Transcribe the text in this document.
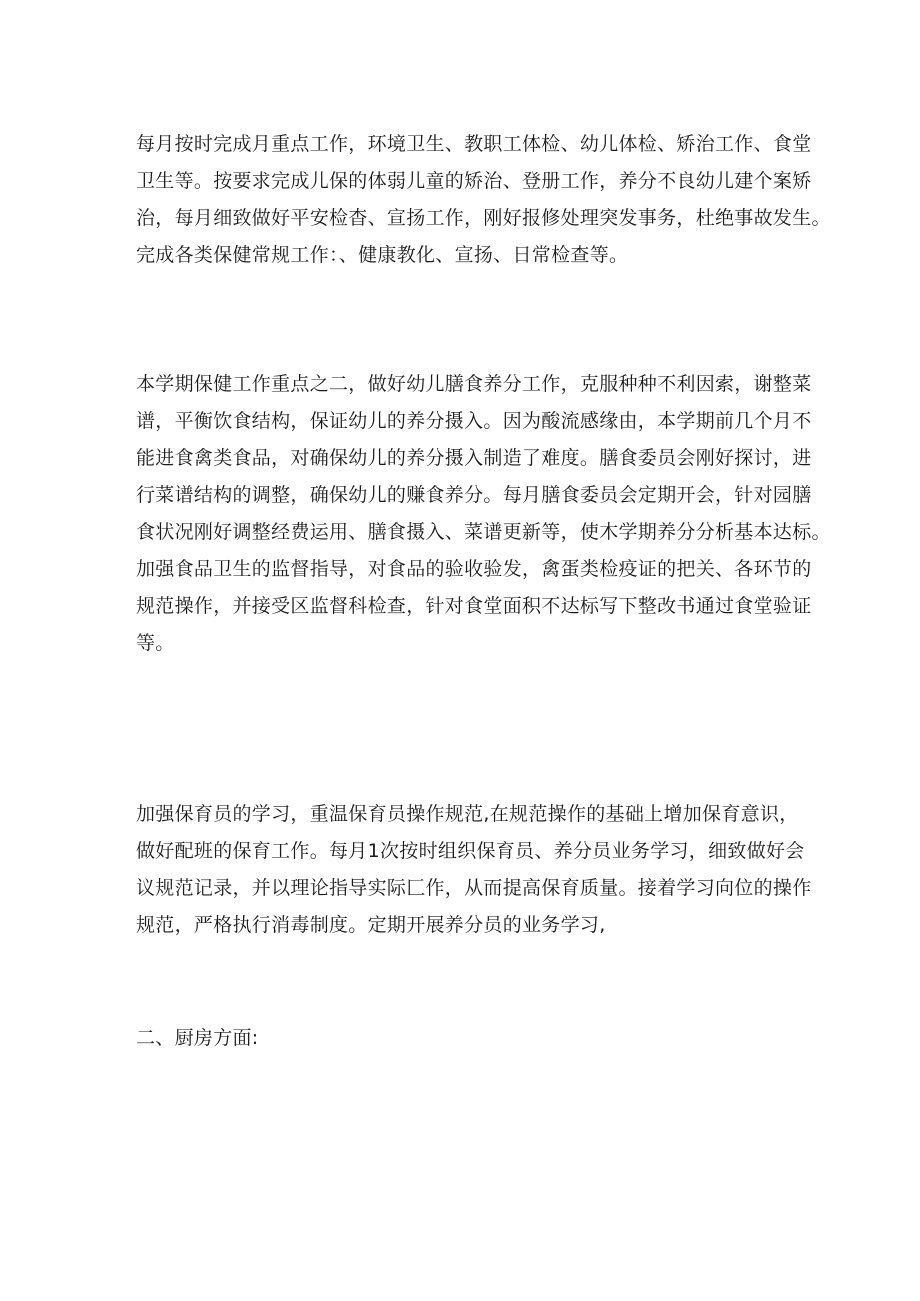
每月按时完成月重点工作，环境卫生、教职工体检、幼儿体检、矫治工作、食堂
卫生等。按要求完成儿保的体弱儿童的矫治、登册工作，养分不良幼儿建个案矫
治，每月细致做好平安检杳、宣扬工作，刚好报修处理突发事务，杜绝事故发生。
完成各类保健常规工作：、健康教化、宣扬、日常检查等。
本学期保健工作重点之二，做好幼儿膳食养分工作，克服种种不利因索，谢整菜
谱，平衡饮食结构，保证幼儿的养分摄入。因为酸流感缘由，本学期前几个月不
能进食禽类食品，对确保幼儿的养分摄入制造了难度。膳食委员会刚好探讨，进
行菜谱结构的调整，确保幼儿的赚食养分。每月膳食委员会定期开会，针对园膳
食状况刚好调整经费运用、膳食摄入、菜谱更新等，使木学期养分分析基本达标。
加强食品卫生的监督指导，对食品的验收验发，禽蛋类检疫证的把关、各环节的
规范操作，并接受区监督科检查，针对食堂面积不达标写下整改书通过食堂验证
等。
加强保育员的学习，重温保育员操作规范,在规范操作的基础上增加保育意识，
做好配班的保育工作。每月1次按时组织保育员、养分员业务学习，细致做好会
议规范记录，并以理论指导实际匚作，从而提高保育质量。接着学习向位的操作
规范，严格执行消毒制度。定期开展养分员的业务学习,
二、厨房方面:
